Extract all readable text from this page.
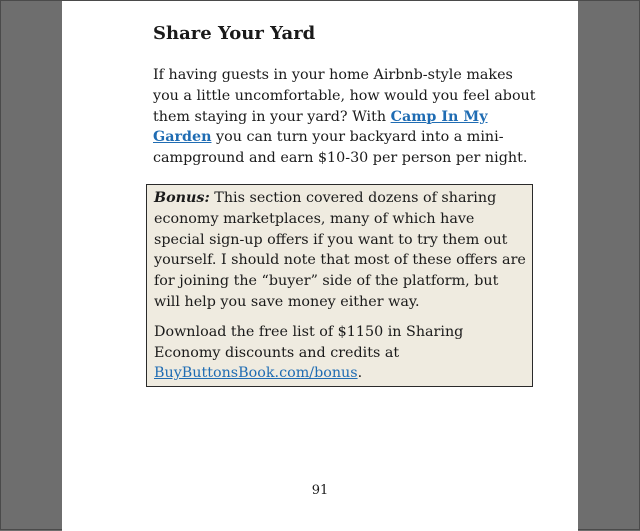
Share Your Yard
If having guests in your home Airbnb-style makes you a little uncomfortable, how would you feel about them staying in your yard? With Camp In My Garden you can turn your backyard into a mini-campground and earn $10-30 per person per night.

Bonus: This section covered dozens of sharing economy marketplaces, many of which have special sign-up offers if you want to try them out yourself. I should note that most of these offers are for joining the “buyer” side of the platform, but will help you save money either way.

Download the free list of $1150 in Sharing Economy discounts and credits at BuyButtonsBook.com/bonus.

91
